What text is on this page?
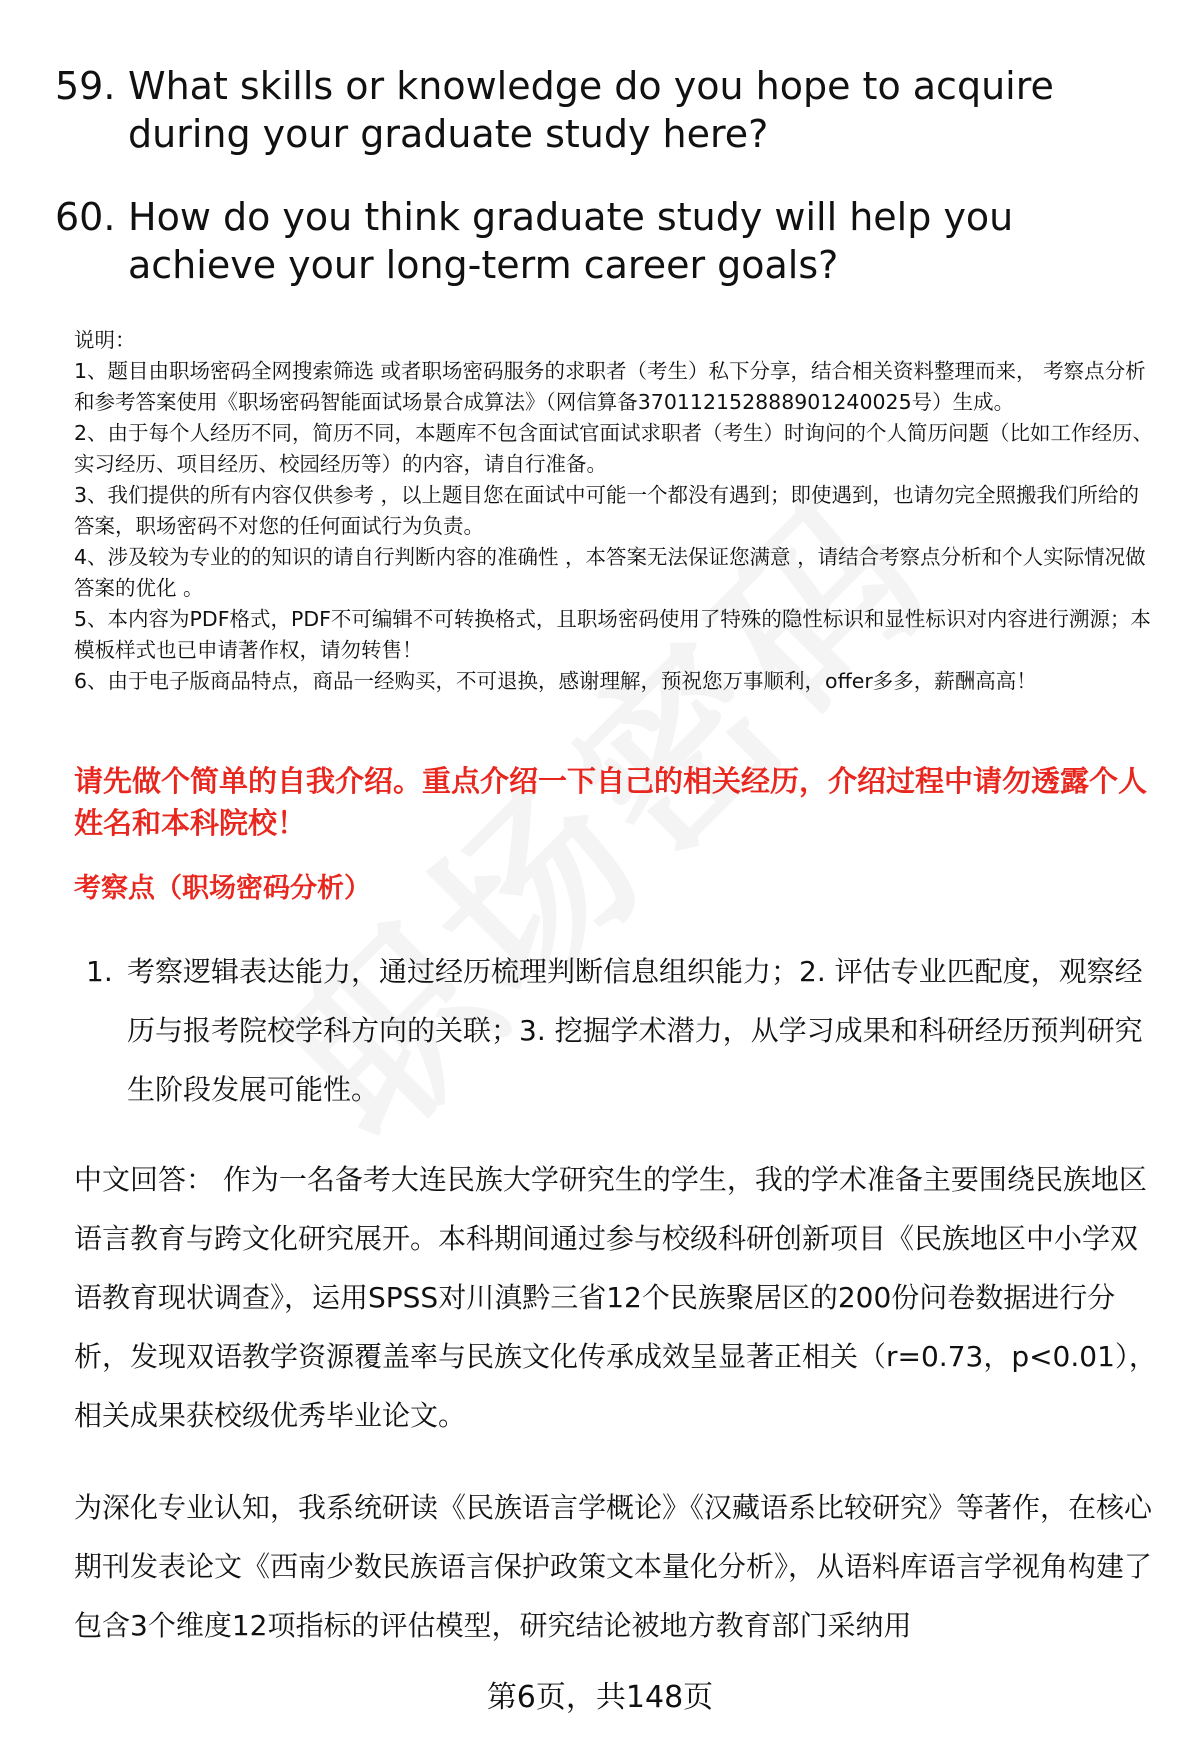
59. What skills or knowledge do you hope to acquire during your graduate study here?
60. How do you think graduate study will help you achieve your long-term career goals?

说明：

1、题目由职场密码全网搜索筛选 或者职场密码服务的求职者（考生）私下分享，结合相关资料整理而来， 考察点分析和参考答案使用《职场密码智能面试场景合成算法》（网信算备370112152888901240025号）生成。

2、由于每个人经历不同，简历不同，本题库不包含面试官面试求职者（考生）时询问的个人简历问题（比如工作经历、实习经历、项目经历、校园经历等）的内容，请自行准备。

3、我们提供的所有内容仅供参考 ，以上题目您在面试中可能一个都没有遇到；即使遇到，也请勿完全照搬我们所给的答案，职场密码不对您的任何面试行为负责。

4、涉及较为专业的的知识的请自行判断内容的准确性 ，本答案无法保证您满意 ，请结合考察点分析和个人实际情况做答案的优化 。

5、本内容为PDF格式，PDF不可编辑不可转换格式，且职场密码使用了特殊的隐性标识和显性标识对内容进行溯源；本模板样式也已申请著作权，请勿转售！

6、由于电子版商品特点，商品一经购买，不可退换，感谢理解，预祝您万事顺利，offer多多，薪酬高高！

请先做个简单的自我介绍。重点介绍一下自己的相关经历，介绍过程中请勿透露个人姓名和本科院校！
考察点（职场密码分析）
1. 考察逻辑表达能力，通过经历梳理判断信息组织能力；2. 评估专业匹配度，观察经历与报考院校学科方向的关联；3. 挖掘学术潜力，从学习成果和科研经历预判研究生阶段发展可能性。
中文回答： 作为一名备考大连民族大学研究生的学生，我的学术准备主要围绕民族地区语言教育与跨文化研究展开。本科期间通过参与校级科研创新项目《民族地区中小学双语教育现状调查》，运用SPSS对川滇黔三省12个民族聚居区的200份问卷数据进行分析，发现双语教学资源覆盖率与民族文化传承成效呈显著正相关（r=0.73，p<0.01），相关成果获校级优秀毕业论文。
为深化专业认知，我系统研读《民族语言学概论》《汉藏语系比较研究》等著作，在核心期刊发表论文《西南少数民族语言保护政策文本量化分析》，从语料库语言学视角构建了包含3个维度12项指标的评估模型，研究结论被地方教育部门采纳用
第6页，共148页
